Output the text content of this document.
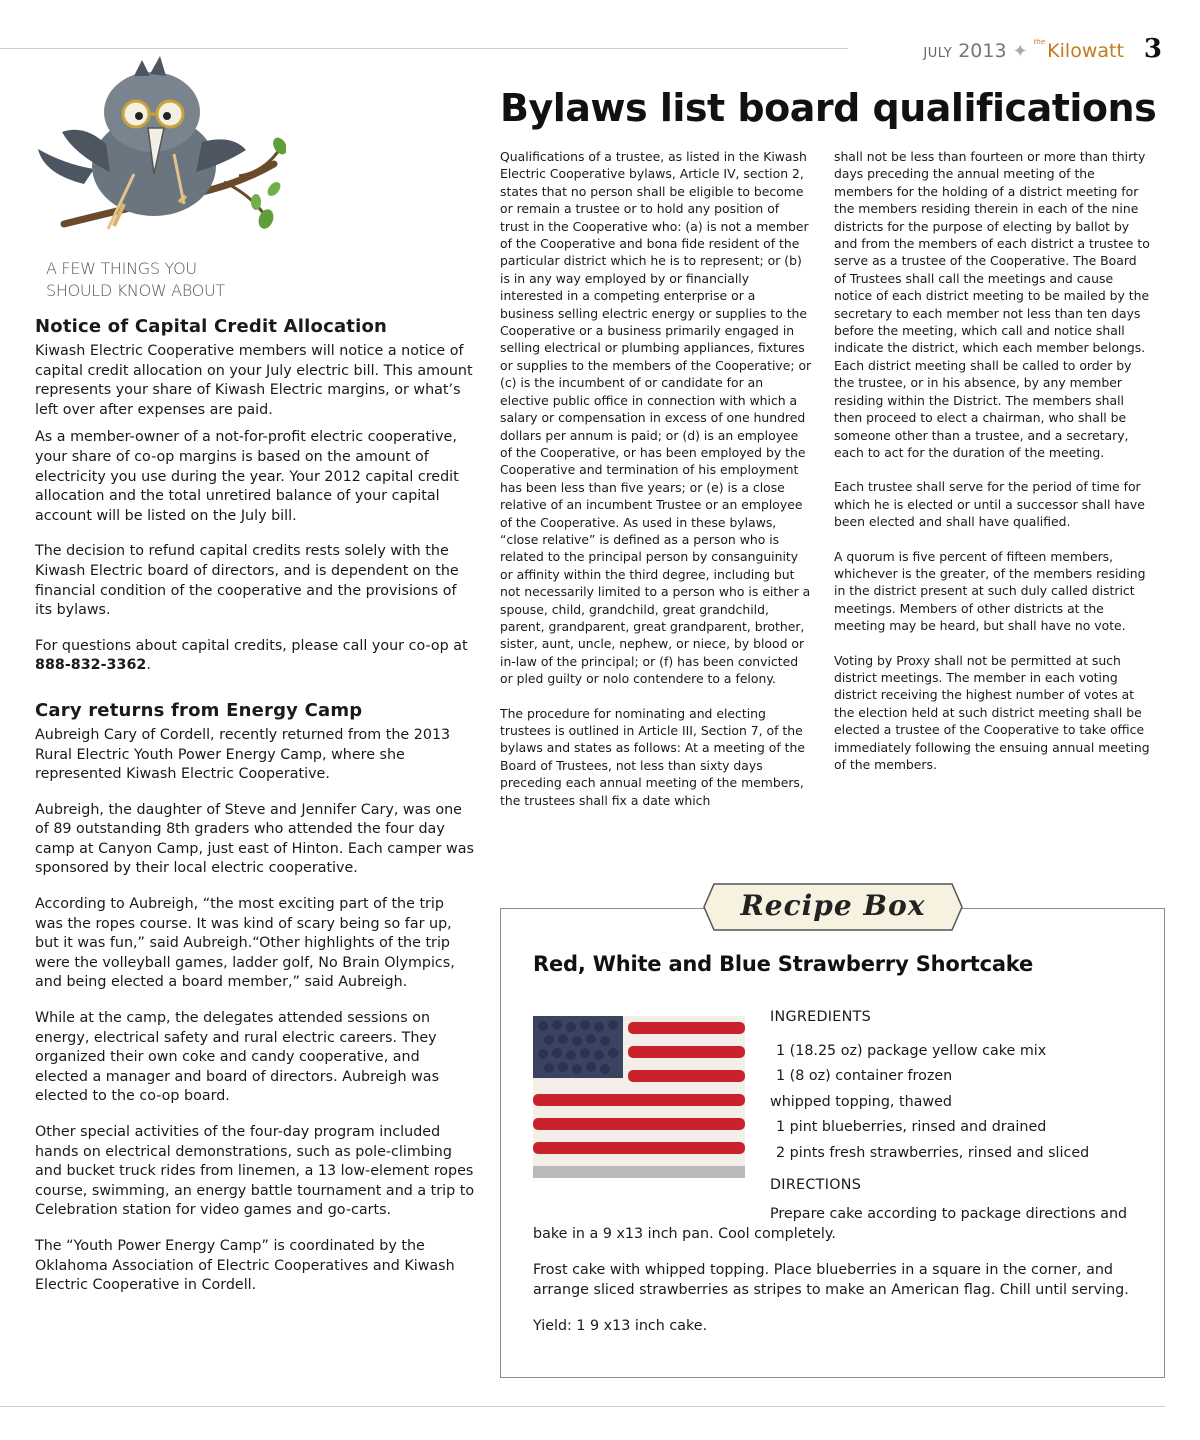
JULY 2013 ✦ the Kilowatt 3
A FEW THINGS YOU
SHOULD KNOW ABOUT
Notice of Capital Credit Allocation

Kiwash Electric Cooperative members will notice a notice of capital credit allocation on your July electric bill. This amount represents your share of Kiwash Electric margins, or what’s left over after expenses are paid.

As a member-owner of a not-for-profit electric cooperative, your share of co-op margins is based on the amount of electricity you use during the year. Your 2012 capital credit allocation and the total unretired balance of your capital account will be listed on the July bill.

The decision to refund capital credits rests solely with the Kiwash Electric board of directors, and is dependent on the financial condition of the cooperative and the provisions of its bylaws.

For questions about capital credits, please call your co-op at 888-832-3362.

Cary returns from Energy Camp

Aubreigh Cary of Cordell, recently returned from the 2013 Rural Electric Youth Power Energy Camp, where she represented Kiwash Electric Cooperative.

Aubreigh, the daughter of Steve and Jennifer Cary, was one of 89 outstanding 8th graders who attended the four day camp at Canyon Camp, just east of Hinton. Each camper was sponsored by their local electric cooperative.

According to Aubreigh, “the most exciting part of the trip was the ropes course. It was kind of scary being so far up, but it was fun,” said Aubreigh.“Other highlights of the trip were the volleyball games, ladder golf, No Brain Olympics, and being elected a board member,” said Aubreigh.

While at the camp, the delegates attended sessions on energy, electrical safety and rural electric careers. They organized their own coke and candy cooperative, and elected a manager and board of directors. Aubreigh was elected to the co-op board.

Other special activities of the four-day program included hands on electrical demonstrations, such as pole-climbing and bucket truck rides from linemen, a 13 low-element ropes course, swimming, an energy battle tournament and a trip to Celebration station for video games and go-carts.

The “Youth Power Energy Camp” is coordinated by the Oklahoma Association of Electric Cooperatives and Kiwash Electric Cooperative in Cordell.

Bylaws list board qualifications

Qualifications of a trustee, as listed in the Kiwash Electric Cooperative bylaws, Article IV, section 2, states that no person shall be eligible to become or remain a trustee or to hold any position of trust in the Cooperative who: (a) is not a member of the Cooperative and bona fide resident of the particular district which he is to represent; or (b) is in any way employed by or financially interested in a competing enterprise or a business selling electric energy or supplies to the Cooperative or a business primarily engaged in selling electrical or plumbing appliances, fixtures or supplies to the members of the Cooperative; or (c) is the incumbent of or candidate for an elective public office in connection with which a salary or compensation in excess of one hundred dollars per annum is paid; or (d) is an employee of the Cooperative, or has been employed by the Cooperative and termination of his employment has been less than five years; or (e) is a close relative of an incumbent Trustee or an employee of the Cooperative. As used in these bylaws, “close relative” is defined as a person who is related to the principal person by consanguinity or affinity within the third degree, including but not necessarily limited to a person who is either a spouse, child, grandchild, great grandchild, parent, grandparent, great grandparent, brother, sister, aunt, uncle, nephew, or niece, by blood or in-law of the principal; or (f) has been convicted or pled guilty or nolo contendere to a felony.

The procedure for nominating and electing trustees is outlined in Article III, Section 7, of the bylaws and states as follows: At a meeting of the Board of Trustees, not less than sixty days preceding each annual meeting of the members, the trustees shall fix a date which

shall not be less than fourteen or more than thirty days preceding the annual meeting of the members for the holding of a district meeting for the members residing therein in each of the nine districts for the purpose of electing by ballot by and from the members of each district a trustee to serve as a trustee of the Cooperative. The Board of Trustees shall call the meetings and cause notice of each district meeting to be mailed by the secretary to each member not less than ten days before the meeting, which call and notice shall indicate the district, which each member belongs. Each district meeting shall be called to order by the trustee, or in his absence, by any member residing within the District. The members shall then proceed to elect a chairman, who shall be someone other than a trustee, and a secretary, each to act for the duration of the meeting.

Each trustee shall serve for the period of time for which he is elected or until a successor shall have been elected and shall have qualified.

A quorum is five percent of fifteen members, whichever is the greater, of the members residing in the district present at such duly called district meetings. Members of other districts at the meeting may be heard, but shall have no vote.

Voting by Proxy shall not be permitted at such district meetings. The member in each voting district receiving the highest number of votes at the election held at such district meeting shall be elected a trustee of the Cooperative to take office immediately following the ensuing annual meeting of the members.

Recipe Box
Red, White and Blue Strawberry Shortcake
INGREDIENTS
1 (18.25 oz) package yellow cake mix
1 (8 oz) container frozen
whipped topping, thawed
1 pint blueberries, rinsed and drained
2 pints fresh strawberries, rinsed and sliced
DIRECTIONS

Prepare cake according to package directions and bake in a 9 x13 inch pan. Cool completely.

Frost cake with whipped topping. Place blueberries in a square in the corner, and arrange sliced strawberries as stripes to make an American flag. Chill until serving.

Yield: 1 9 x13 inch cake.
